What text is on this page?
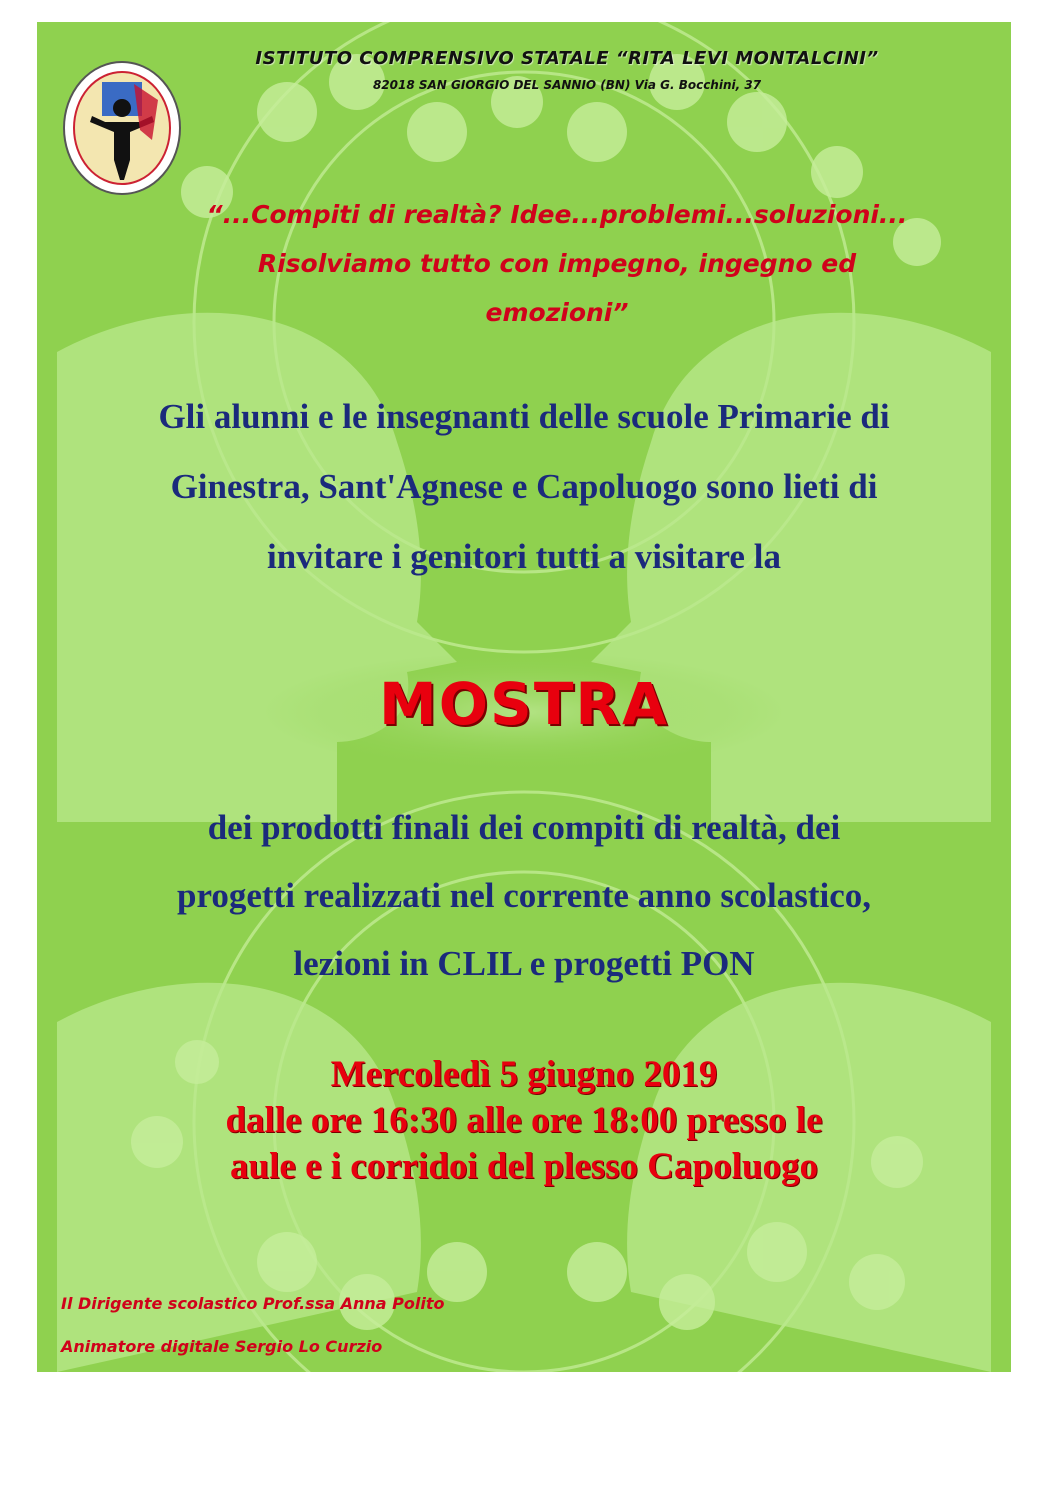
ISTITUTO COMPRENSIVO STATALE “RITA LEVI MONTALCINI”
82018 SAN GIORGIO DEL SANNIO (BN) Via G. Bocchini, 37
“...Compiti di realtà? Idee...problemi...soluzioni...
Risolviamo tutto con impegno, ingegno ed
emozioni”
Gli alunni e le insegnanti delle scuole Primarie di
Ginestra, Sant'Agnese e Capoluogo sono lieti di
invitare i genitori tutti a visitare la
MOSTRA
dei prodotti finali dei compiti di realtà, dei
progetti realizzati nel corrente anno scolastico,
lezioni in CLIL e progetti PON
Mercoledì 5 giugno 2019
dalle ore 16:30 alle ore 18:00 presso le
aule e i corridoi del plesso Capoluogo
Il Dirigente scolastico Prof.ssa Anna Polito
Animatore digitale Sergio Lo Curzio
